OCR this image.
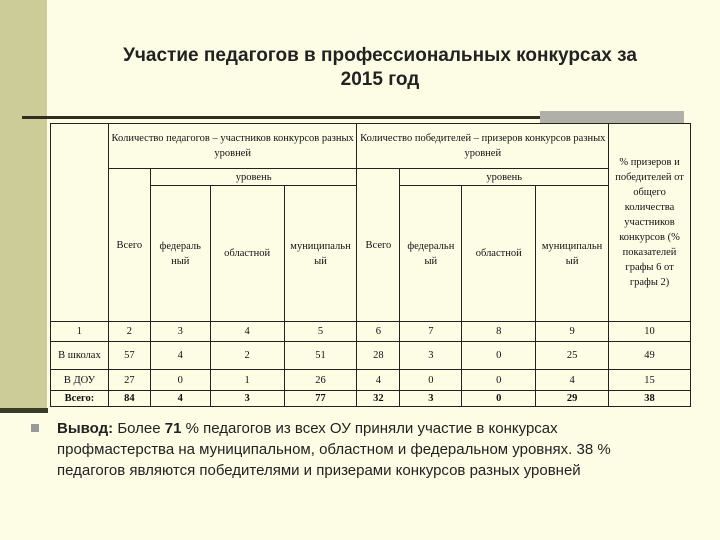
Участие педагогов в профессиональных конкурсах за
2015 год
	Количество педагогов – участников конкурсов разных уровней				Количество победителей – призеров конкурсов разных уровней				% призеров и победителей от общего количества участников конкурсов (% показателей графы 6 от графы 2)
	Всего	уровень			Всего	уровень			
		федераль ный	областной	муниципальн ый		федеральн ый	областной	муниципальн ый	
1	2	3	4	5	6	7	8	9	10
В школах	57	4	2	51	28	3	0	25	49
В ДОУ	27	0	1	26	4	0	0	4	15
Всего:	84	4	3	77	32	3	0	29	38
Вывод: Более 71 % педагогов из всех ОУ приняли участие в конкурсах профмастерства на муниципальном, областном и федеральном уровнях. 38 % педагогов являются победителями и призерами конкурсов разных уровней
